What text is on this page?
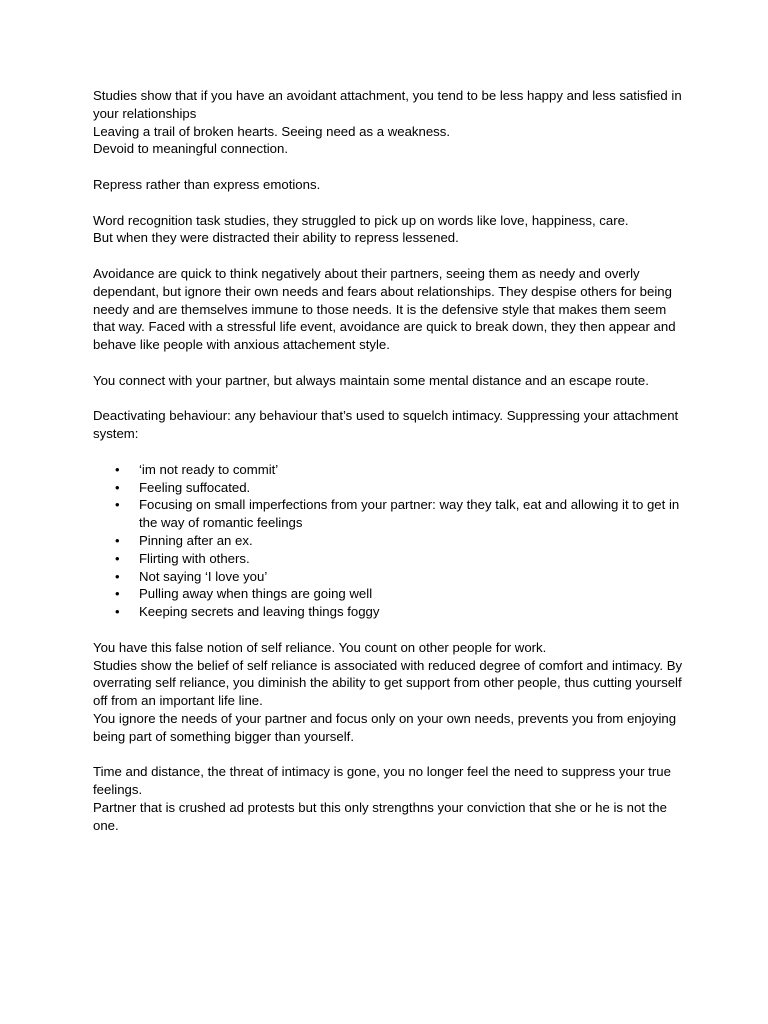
Studies show that if you have an avoidant attachment, you tend to be less happy and less satisfied in your relationships
Leaving a trail of broken hearts. Seeing need as a weakness.
Devoid to meaningful connection.

Repress rather than express emotions.

Word recognition task studies, they struggled to pick up on words like love, happiness, care.
But when they were distracted their ability to repress lessened.

Avoidance are quick to think negatively about their partners, seeing them as needy and overly dependant, but ignore their own needs and fears about relationships. They despise others for being needy and are themselves immune to those needs. It is the defensive style that makes them seem that way. Faced with a stressful life event, avoidance are quick to break down, they then appear and behave like people with anxious attachement style.

You connect with your partner, but always maintain some mental distance and an escape route.

Deactivating behaviour: any behaviour that’s used to squelch intimacy. Suppressing your attachment system:

• ‘im not ready to commit’
• Feeling suffocated.
• Focusing on small imperfections from your partner: way they talk, eat and allowing it to get in the way of romantic feelings
• Pinning after an ex.
• Flirting with others.
• Not saying ‘I love you’
• Pulling away when things are going well
• Keeping secrets and leaving things foggy

You have this false notion of self reliance. You count on other people for work.
Studies show the belief of self reliance is associated with reduced degree of comfort and intimacy. By overrating self reliance, you diminish the ability to get support from other people, thus cutting yourself off from an important life line.
You ignore the needs of your partner and focus only on your own needs, prevents you from enjoying being part of something bigger than yourself.

Time and distance, the threat of intimacy is gone, you no longer feel the need to suppress your true feelings.
Partner that is crushed ad protests but this only strengthns your conviction that she or he is not the one.
